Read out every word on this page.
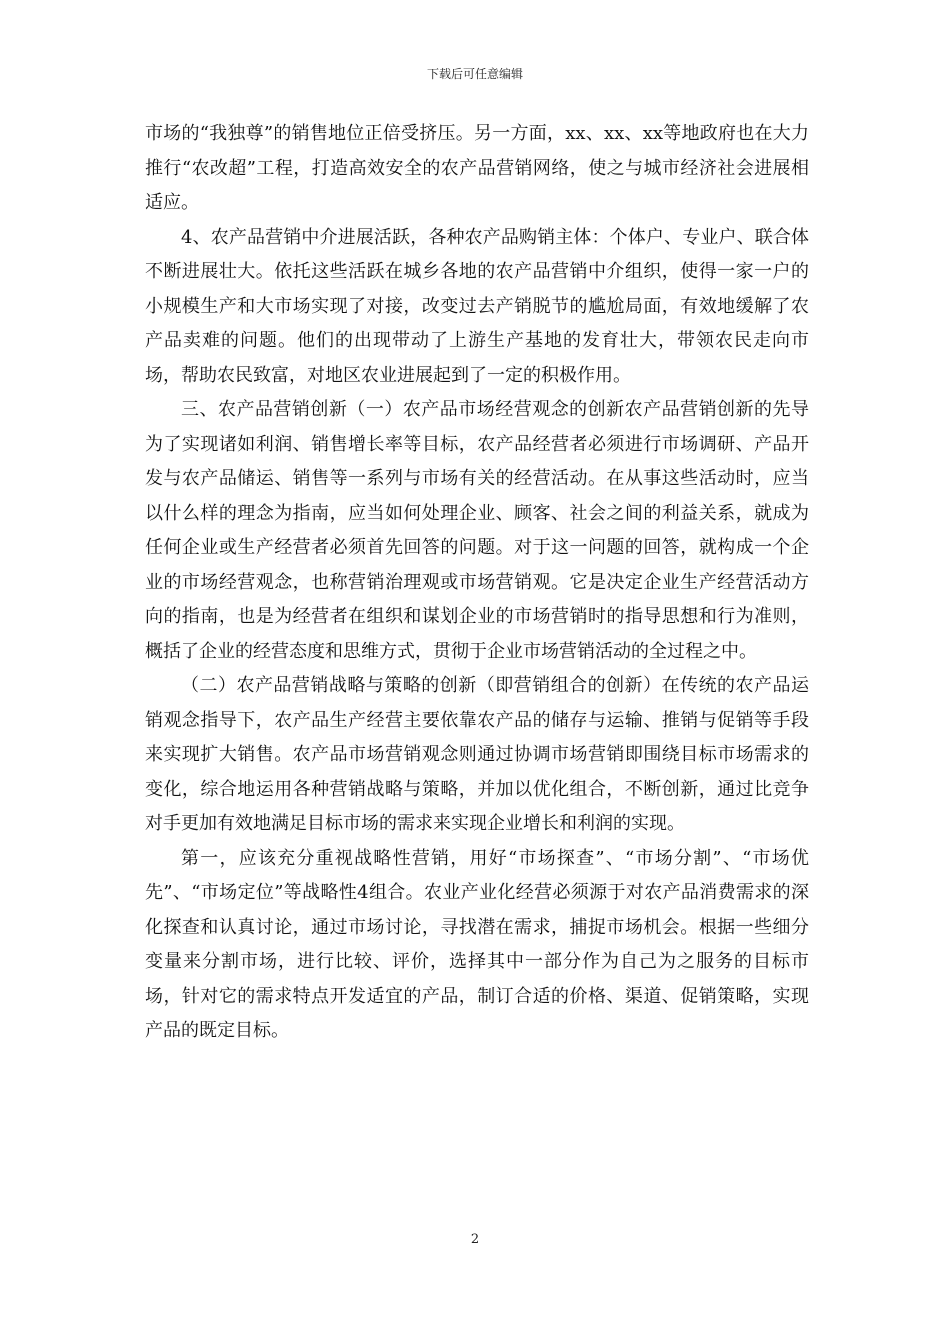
下载后可任意编辑

市场的“我独尊”的销售地位正倍受挤压。另一方面，xx、xx、xx等地政府也在大力推行“农改超”工程，打造高效安全的农产品营销网络，使之与城市经济社会进展相适应。

4、农产品营销中介进展活跃，各种农产品购销主体：个体户、专业户、联合体不断进展壮大。依托这些活跃在城乡各地的农产品营销中介组织，使得一家一户的小规模生产和大市场实现了对接，改变过去产销脱节的尴尬局面，有效地缓解了农产品卖难的问题。他们的出现带动了上游生产基地的发育壮大，带领农民走向市场，帮助农民致富，对地区农业进展起到了一定的积极作用。

三、农产品营销创新（一）农产品市场经营观念的创新农产品营销创新的先导为了实现诸如利润、销售增长率等目标，农产品经营者必须进行市场调研、产品开发与农产品储运、销售等一系列与市场有关的经营活动。在从事这些活动时，应当以什么样的理念为指南，应当如何处理企业、顾客、社会之间的利益关系，就成为任何企业或生产经营者必须首先回答的问题。对于这一问题的回答，就构成一个企业的市场经营观念，也称营销治理观或市场营销观。它是决定企业生产经营活动方向的指南，也是为经营者在组织和谋划企业的市场营销时的指导思想和行为准则，概括了企业的经营态度和思维方式，贯彻于企业市场营销活动的全过程之中。

（二）农产品营销战略与策略的创新（即营销组合的创新）在传统的农产品运销观念指导下，农产品生产经营主要依靠农产品的储存与运输、推销与促销等手段来实现扩大销售。农产品市场营销观念则通过协调市场营销即围绕目标市场需求的变化，综合地运用各种营销战略与策略，并加以优化组合，不断创新，通过比竞争对手更加有效地满足目标市场的需求来实现企业增长和利润的实现。

第一，应该充分重视战略性营销，用好“市场探查”、“市场分割”、“市场优先”、“市场定位”等战略性4组合。农业产业化经营必须源于对农产品消费需求的深化探查和认真讨论，通过市场讨论，寻找潜在需求，捕捉市场机会。根据一些细分变量来分割市场，进行比较、评价，选择其中一部分作为自己为之服务的目标市场，针对它的需求特点开发适宜的产品，制订合适的价格、渠道、促销策略，实现产品的既定目标。

2
